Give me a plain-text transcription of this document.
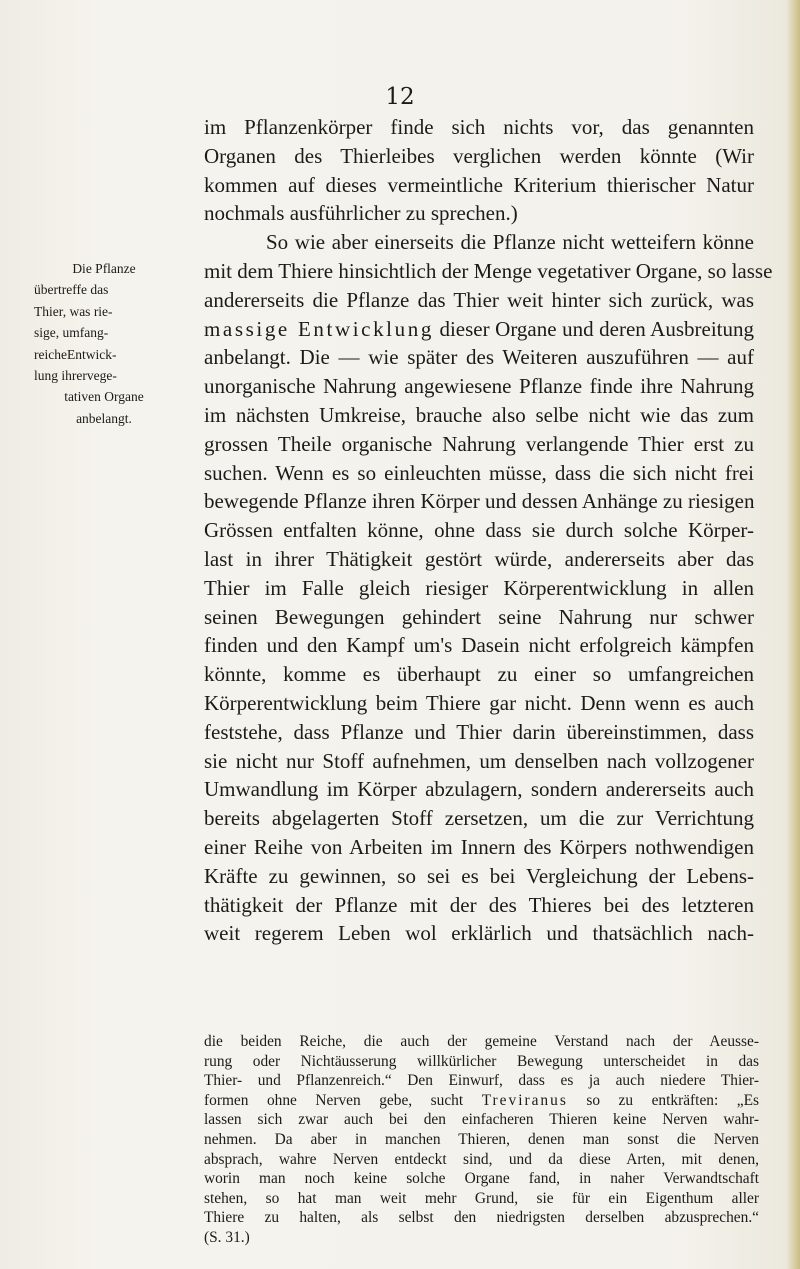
12
Die Pflanze
übertreffe das
Thier, was rie-
sige, umfang-
reicheEntwick-
lung ihrervege-
tativen Organe
anbelangt.
im Pflanzenkörper finde sich nichts vor, das genannten
Organen des Thierleibes verglichen werden könnte (Wir
kommen auf dieses vermeintliche Kriterium thierischer Natur
nochmals ausführlicher zu sprechen.)
So wie aber einerseits die Pflanze nicht wetteifern könne
mit dem Thiere hinsichtlich der Menge vegetativer Organe, so lasse
andererseits die Pflanze das Thier weit hinter sich zurück, was
massige Entwicklung dieser Organe und deren Ausbreitung
anbelangt. Die — wie später des Weiteren auszuführen — auf
unorganische Nahrung angewiesene Pflanze finde ihre Nahrung
im nächsten Umkreise, brauche also selbe nicht wie das zum
grossen Theile organische Nahrung verlangende Thier erst zu
suchen. Wenn es so einleuchten müsse, dass die sich nicht frei
bewegende Pflanze ihren Körper und dessen Anhänge zu riesigen
Grössen entfalten könne, ohne dass sie durch solche Körper-
last in ihrer Thätigkeit gestört würde, andererseits aber das
Thier im Falle gleich riesiger Körperentwicklung in allen
seinen Bewegungen gehindert seine Nahrung nur schwer
finden und den Kampf um's Dasein nicht erfolgreich kämpfen
könnte, komme es überhaupt zu einer so umfangreichen
Körperentwicklung beim Thiere gar nicht. Denn wenn es auch
feststehe, dass Pflanze und Thier darin übereinstimmen, dass
sie nicht nur Stoff aufnehmen, um denselben nach vollzogener
Umwandlung im Körper abzulagern, sondern andererseits auch
bereits abgelagerten Stoff zersetzen, um die zur Verrichtung
einer Reihe von Arbeiten im Innern des Körpers nothwendigen
Kräfte zu gewinnen, so sei es bei Vergleichung der Lebens-
thätigkeit der Pflanze mit der des Thieres bei des letzteren
weit regerem Leben wol erklärlich und thatsächlich nach-
die beiden Reiche, die auch der gemeine Verstand nach der Aeusse-
rung oder Nichtäusserung willkürlicher Bewegung unterscheidet in das
Thier- und Pflanzenreich.“ Den Einwurf, dass es ja auch niedere Thier-
formen ohne Nerven gebe, sucht Treviranus so zu entkräften: „Es
lassen sich zwar auch bei den einfacheren Thieren keine Nerven wahr-
nehmen. Da aber in manchen Thieren, denen man sonst die Nerven
absprach, wahre Nerven entdeckt sind, und da diese Arten, mit denen,
worin man noch keine solche Organe fand, in naher Verwandtschaft
stehen, so hat man weit mehr Grund, sie für ein Eigenthum aller
Thiere zu halten, als selbst den niedrigsten derselben abzusprechen.“
(S. 31.)
